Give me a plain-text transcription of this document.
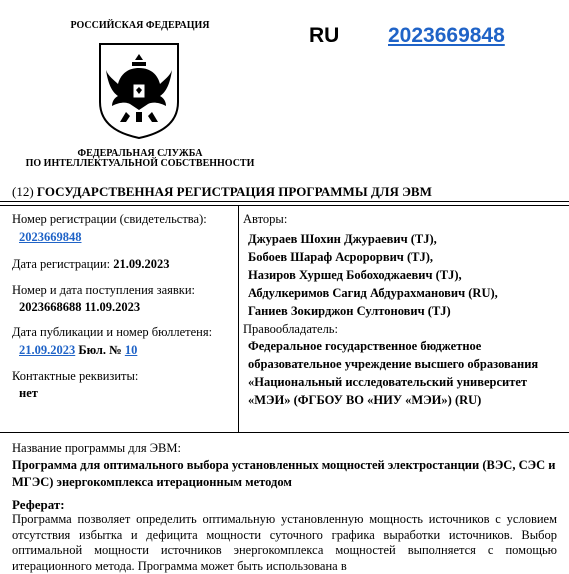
РОССИЙСКАЯ ФЕДЕРАЦИЯ
ФЕДЕРАЛЬНАЯ СЛУЖБА
ПО ИНТЕЛЛЕКТУАЛЬНОЙ СОБСТВЕННОСТИ
RU 2023669848
(12) ГОСУДАРСТВЕННАЯ РЕГИСТРАЦИЯ ПРОГРАММЫ ДЛЯ ЭВМ
Номер регистрации (свидетельства):
2023669848
Дата регистрации: 21.09.2023
Номер и дата поступления заявки:
2023668688 11.09.2023
Дата публикации и номер бюллетеня:
21.09.2023 Бюл. № 10
Контактные реквизиты:
нет
Авторы:
Джураев Шохин Джураевич (TJ),
Бобоев Шараф Асророрвич (TJ),
Назиров Хуршед Бобоходжаевич (TJ),
Абдулкеримов Сагид Абдурахманович (RU),
Ганиев Зокирджон Султонович (TJ)
Правообладатель:
Федеральное государственное бюджетное образовательное учреждение высшего образования «Национальный исследовательский университет «МЭИ» (ФГБОУ ВО «НИУ «МЭИ») (RU)
Название программы для ЭВМ:
Программа для оптимального выбора установленных мощностей электростанции (ВЭС, СЭС и МГЭС) энергокомплекса итерационным методом
Реферат:
Программа позволяет определить оптимальную установленную мощность источников с условием отсутствия избытка и дефицита мощности суточного графика выработки источников. Выбор оптимальной мощности источников энергокомплекса мощностей выполняется с помощью итерационного метода. Программа может быть использована в
